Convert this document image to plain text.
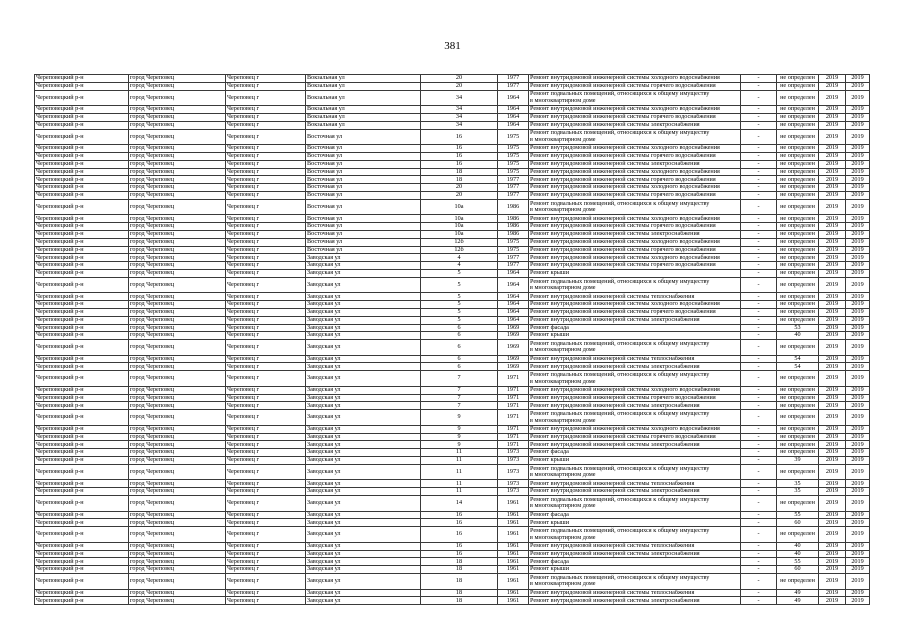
381
Череповецкий р-н	город Череповец	Череповец г	Вокзальная ул	20	1977	Ремонт внутридомовой инженерной системы холодного водоснабжения	-	не определен	2019	2019
Череповецкий р-н	город Череповец	Череповец г	Вокзальная ул	20	1977	Ремонт внутридомовой инженерной системы горячего водоснабжения	-	не определен	2019	2019
Череповецкий р-н	город Череповец	Череповец г	Вокзальная ул	34	1964	Ремонт подвальных помещений, относящихся к общему имуществу в многоквартирном доме	-	не определен	2019	2019
Череповецкий р-н	город Череповец	Череповец г	Вокзальная ул	34	1964	Ремонт внутридомовой инженерной системы холодного водоснабжения	-	не определен	2019	2019
Череповецкий р-н	город Череповец	Череповец г	Вокзальная ул	34	1964	Ремонт внутридомовой инженерной системы горячего водоснабжения	-	не определен	2019	2019
Череповецкий р-н	город Череповец	Череповец г	Вокзальная ул	34	1964	Ремонт внутридомовой инженерной системы электроснабжения	-	не определен	2019	2019
Череповецкий р-н	город Череповец	Череповец г	Восточная ул	16	1975	Ремонт подвальных помещений, относящихся к общему имуществу в многоквартирном доме	-	не определен	2019	2019
Череповецкий р-н	город Череповец	Череповец г	Восточная ул	16	1975	Ремонт внутридомовой инженерной системы холодного водоснабжения	-	не определен	2019	2019
Череповецкий р-н	город Череповец	Череповец г	Восточная ул	16	1975	Ремонт внутридомовой инженерной системы горячего водоснабжения	-	не определен	2019	2019
Череповецкий р-н	город Череповец	Череповец г	Восточная ул	16	1975	Ремонт внутридомовой инженерной системы электроснабжения	-	не определен	2019	2019
Череповецкий р-н	город Череповец	Череповец г	Восточная ул	18	1975	Ремонт внутридомовой инженерной системы холодного водоснабжения	-	не определен	2019	2019
Череповецкий р-н	город Череповец	Череповец г	Восточная ул	18	1977	Ремонт внутридомовой инженерной системы горячего водоснабжения	-	не определен	2019	2019
Череповецкий р-н	город Череповец	Череповец г	Восточная ул	20	1977	Ремонт внутридомовой инженерной системы холодного водоснабжения	-	не определен	2019	2019
Череповецкий р-н	город Череповец	Череповец г	Восточная ул	20	1977	Ремонт внутридомовой инженерной системы горячего водоснабжения	-	не определен	2019	2019
Череповецкий р-н	город Череповец	Череповец г	Восточная ул	10а	1986	Ремонт подвальных помещений, относящихся к общему имуществу в многоквартирном доме	-	не определен	2019	2019
Череповецкий р-н	город Череповец	Череповец г	Восточная ул	10а	1986	Ремонт внутридомовой инженерной системы холодного водоснабжения	-	не определен	2019	2019
Череповецкий р-н	город Череповец	Череповец г	Восточная ул	10а	1986	Ремонт внутридомовой инженерной системы горячего водоснабжения	-	не определен	2019	2019
Череповецкий р-н	город Череповец	Череповец г	Восточная ул	10а	1986	Ремонт внутридомовой инженерной системы электроснабжения	-	не определен	2019	2019
Череповецкий р-н	город Череповец	Череповец г	Восточная ул	12б	1975	Ремонт внутридомовой инженерной системы холодного водоснабжения	-	не определен	2019	2019
Череповецкий р-н	город Череповец	Череповец г	Восточная ул	12б	1975	Ремонт внутридомовой инженерной системы горячего водоснабжения	-	не определен	2019	2019
Череповецкий р-н	город Череповец	Череповец г	Заводская ул	4	1977	Ремонт внутридомовой инженерной системы холодного водоснабжения	-	не определен	2019	2019
Череповецкий р-н	город Череповец	Череповец г	Заводская ул	4	1977	Ремонт внутридомовой инженерной системы горячего водоснабжения	-	не определен	2019	2019
Череповецкий р-н	город Череповец	Череповец г	Заводская ул	5	1964	Ремонт крыши	-	не определен	2019	2019
Череповецкий р-н	город Череповец	Череповец г	Заводская ул	5	1964	Ремонт подвальных помещений, относящихся к общему имуществу в многоквартирном доме	-	не определен	2019	2019
Череповецкий р-н	город Череповец	Череповец г	Заводская ул	5	1964	Ремонт внутридомовой инженерной системы теплоснабжения	-	не определен	2019	2019
Череповецкий р-н	город Череповец	Череповец г	Заводская ул	5	1964	Ремонт внутридомовой инженерной системы холодного водоснабжения	-	не определен	2019	2019
Череповецкий р-н	город Череповец	Череповец г	Заводская ул	5	1964	Ремонт внутридомовой инженерной системы горячего водоснабжения	-	не определен	2019	2019
Череповецкий р-н	город Череповец	Череповец г	Заводская ул	5	1964	Ремонт внутридомовой инженерной системы электроснабжения	-	не определен	2019	2019
Череповецкий р-н	город Череповец	Череповец г	Заводская ул	6	1969	Ремонт фасада	-	53	2019	2019
Череповецкий р-н	город Череповец	Череповец г	Заводская ул	6	1969	Ремонт крыши	-	40	2019	2019
Череповецкий р-н	город Череповец	Череповец г	Заводская ул	6	1969	Ремонт подвальных помещений, относящихся к общему имуществу в многоквартирном доме	-	не определен	2019	2019
Череповецкий р-н	город Череповец	Череповец г	Заводская ул	6	1969	Ремонт внутридомовой инженерной системы теплоснабжения	-	54	2019	2019
Череповецкий р-н	город Череповец	Череповец г	Заводская ул	6	1969	Ремонт внутридомовой инженерной системы электроснабжения	-	54	2019	2019
Череповецкий р-н	город Череповец	Череповец г	Заводская ул	7	1971	Ремонт подвальных помещений, относящихся к общему имуществу в многоквартирном доме	-	не определен	2019	2019
Череповецкий р-н	город Череповец	Череповец г	Заводская ул	7	1971	Ремонт внутридомовой инженерной системы холодного водоснабжения	-	не определен	2019	2019
Череповецкий р-н	город Череповец	Череповец г	Заводская ул	7	1971	Ремонт внутридомовой инженерной системы горячего водоснабжения	-	не определен	2019	2019
Череповецкий р-н	город Череповец	Череповец г	Заводская ул	7	1971	Ремонт внутридомовой инженерной системы электроснабжения	-	не определен	2019	2019
Череповецкий р-н	город Череповец	Череповец г	Заводская ул	9	1971	Ремонт подвальных помещений, относящихся к общему имуществу в многоквартирном доме	-	не определен	2019	2019
Череповецкий р-н	город Череповец	Череповец г	Заводская ул	9	1971	Ремонт внутридомовой инженерной системы холодного водоснабжения	-	не определен	2019	2019
Череповецкий р-н	город Череповец	Череповец г	Заводская ул	9	1971	Ремонт внутридомовой инженерной системы горячего водоснабжения	-	не определен	2019	2019
Череповецкий р-н	город Череповец	Череповец г	Заводская ул	9	1971	Ремонт внутридомовой инженерной системы электроснабжения	-	не определен	2019	2019
Череповецкий р-н	город Череповец	Череповец г	Заводская ул	11	1973	Ремонт фасада	-	не определен	2019	2019
Череповецкий р-н	город Череповец	Череповец г	Заводская ул	11	1973	Ремонт крыши	-	39	2019	2019
Череповецкий р-н	город Череповец	Череповец г	Заводская ул	11	1973	Ремонт подвальных помещений, относящихся к общему имуществу в многоквартирном доме	-	не определен	2019	2019
Череповецкий р-н	город Череповец	Череповец г	Заводская ул	11	1973	Ремонт внутридомовой инженерной системы теплоснабжения	-	35	2019	2019
Череповецкий р-н	город Череповец	Череповец г	Заводская ул	11	1973	Ремонт внутридомовой инженерной системы электроснабжения	-	35	2019	2019
Череповецкий р-н	город Череповец	Череповец г	Заводская ул	14	1961	Ремонт подвальных помещений, относящихся к общему имуществу в многоквартирном доме	-	не определен	2019	2019
Череповецкий р-н	город Череповец	Череповец г	Заводская ул	16	1961	Ремонт фасада	-	55	2019	2019
Череповецкий р-н	город Череповец	Череповец г	Заводская ул	16	1961	Ремонт крыши	-	60	2019	2019
Череповецкий р-н	город Череповец	Череповец г	Заводская ул	16	1961	Ремонт подвальных помещений, относящихся к общему имуществу в многоквартирном доме	-	не определен	2019	2019
Череповецкий р-н	город Череповец	Череповец г	Заводская ул	16	1961	Ремонт внутридомовой инженерной системы теплоснабжения	-	40	2019	2019
Череповецкий р-н	город Череповец	Череповец г	Заводская ул	16	1961	Ремонт внутридомовой инженерной системы электроснабжения	-	40	2019	2019
Череповецкий р-н	город Череповец	Череповец г	Заводская ул	18	1961	Ремонт фасада	-	55	2019	2019
Череповецкий р-н	город Череповец	Череповец г	Заводская ул	18	1961	Ремонт крыши	-	60	2019	2019
Череповецкий р-н	город Череповец	Череповец г	Заводская ул	18	1961	Ремонт подвальных помещений, относящихся к общему имуществу в многоквартирном доме	-	не определен	2019	2019
Череповецкий р-н	город Череповец	Череповец г	Заводская ул	18	1961	Ремонт внутридомовой инженерной системы теплоснабжения	-	49	2019	2019
Череповецкий р-н	город Череповец	Череповец г	Заводская ул	18	1961	Ремонт внутридомовой инженерной системы электроснабжения	-	49	2019	2019
